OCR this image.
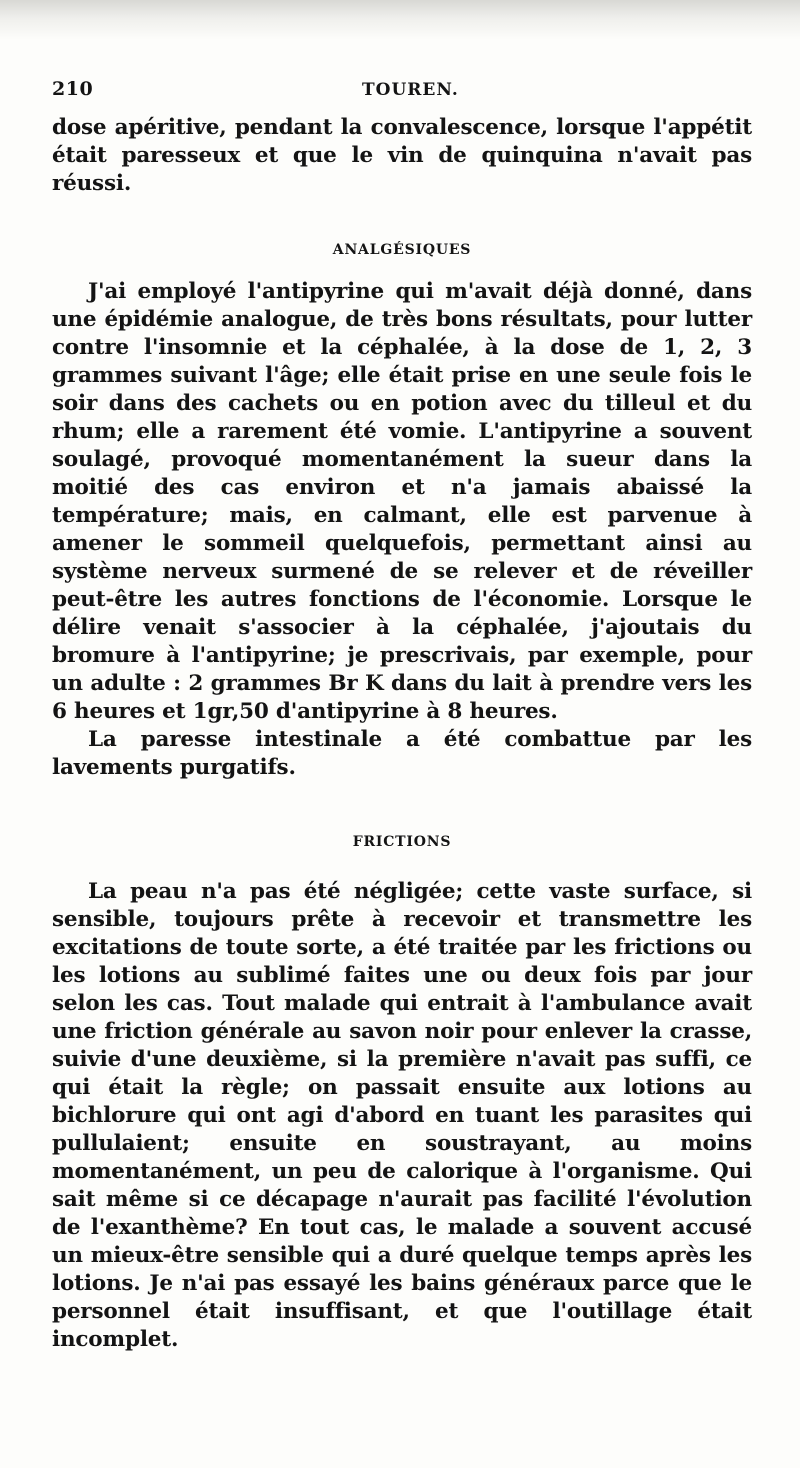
210	TOUREN.

dose apéritive, pendant la convalescence, lorsque l'appétit était paresseux et que le vin de quinquina n'avait pas réussi.

ANALGÉSIQUES

J'ai employé l'antipyrine qui m'avait déjà donné, dans une épidémie analogue, de très bons résultats, pour lutter contre l'insomnie et la céphalée, à la dose de 1, 2, 3 grammes suivant l'âge; elle était prise en une seule fois le soir dans des cachets ou en potion avec du tilleul et du rhum; elle a rarement été vomie. L'antipyrine a souvent soulagé, provoqué momentanément la sueur dans la moitié des cas environ et n'a jamais abaissé la température; mais, en calmant, elle est parvenue à amener le sommeil quelquefois, permettant ainsi au système nerveux surmené de se relever et de réveiller peut-être les autres fonctions de l'économie. Lorsque le délire venait s'associer à la céphalée, j'ajoutais du bromure à l'antipyrine; je prescrivais, par exemple, pour un adulte : 2 grammes Br K dans du lait à prendre vers les 6 heures et 1gr,50 d'antipyrine à 8 heures.

La paresse intestinale a été combattue par les lavements purgatifs.

FRICTIONS

La peau n'a pas été négligée; cette vaste surface, si sensible, toujours prête à recevoir et transmettre les excitations de toute sorte, a été traitée par les frictions ou les lotions au sublimé faites une ou deux fois par jour selon les cas. Tout malade qui entrait à l'ambulance avait une friction générale au savon noir pour enlever la crasse, suivie d'une deuxième, si la première n'avait pas suffi, ce qui était la règle; on passait ensuite aux lotions au bichlorure qui ont agi d'abord en tuant les parasites qui pullulaient; ensuite en soustrayant, au moins momentanément, un peu de calorique à l'organisme. Qui sait même si ce décapage n'aurait pas facilité l'évolution de l'exanthème? En tout cas, le malade a souvent accusé un mieux-être sensible qui a duré quelque temps après les lotions. Je n'ai pas essayé les bains généraux parce que le personnel était insuffisant, et que l'outillage était incomplet.
